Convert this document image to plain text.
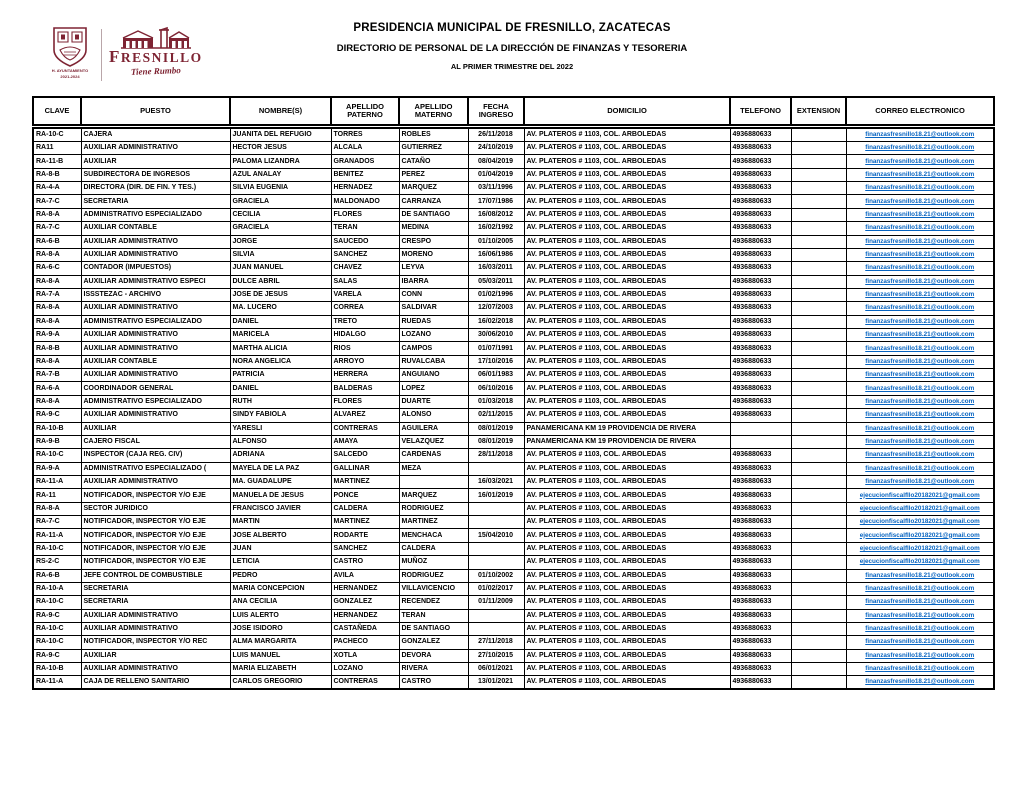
H. AYUNTAMIENTO
2021-2024
FRESNILLO
Tiene Rumbo
PRESIDENCIA MUNICIPAL DE FRESNILLO, ZACATECAS
DIRECTORIO DE PERSONAL DE LA DIRECCIÓN DE FINANZAS Y TESORERIA
AL PRIMER TRIMESTRE DEL 2022
CLAVE	PUESTO	NOMBRE(S)	APELLIDO PATERNO	APELLIDO MATERNO	FECHA INGRESO	DOMICILIO	TELEFONO	EXTENSION	CORREO ELECTRONICO
RA-10-C	CAJERA	JUANITA DEL REFUGIO	TORRES	ROBLES	26/11/2018	AV. PLATEROS # 1103, COL. ARBOLEDAS	4936880633		finanzasfresnillo18.21@outlook.com
RA11	AUXILIAR ADMINISTRATIVO	HECTOR JESUS	ALCALA	GUTIERREZ	24/10/2019	AV. PLATEROS # 1103, COL. ARBOLEDAS	4936880633		finanzasfresnillo18.21@outlook.com
RA-11-B	AUXILIAR	PALOMA LIZANDRA	GRANADOS	CATAÑO	08/04/2019	AV. PLATEROS # 1103, COL. ARBOLEDAS	4936880633		finanzasfresnillo18.21@outlook.com
RA-8-B	SUBDIRECTORA DE INGRESOS	AZUL ANALAY	BENITEZ	PEREZ	01/04/2019	AV. PLATEROS # 1103, COL. ARBOLEDAS	4936880633		finanzasfresnillo18.21@outlook.com
RA-4-A	DIRECTORA (DIR. DE FIN. Y TES.)	SILVIA EUGENIA	HERNADEZ	MARQUEZ	03/11/1996	AV. PLATEROS # 1103, COL. ARBOLEDAS	4936880633		finanzasfresnillo18.21@outlook.com
RA-7-C	SECRETARIA	GRACIELA	MALDONADO	CARRANZA	17/07/1986	AV. PLATEROS # 1103, COL. ARBOLEDAS	4936880633		finanzasfresnillo18.21@outlook.com
RA-8-A	ADMINISTRATIVO ESPECIALIZADO	CECILIA	FLORES	DE SANTIAGO	16/08/2012	AV. PLATEROS # 1103, COL. ARBOLEDAS	4936880633		finanzasfresnillo18.21@outlook.com
RA-7-C	AUXILIAR CONTABLE	GRACIELA	TERAN	MEDINA	16/02/1992	AV. PLATEROS # 1103, COL. ARBOLEDAS	4936880633		finanzasfresnillo18.21@outlook.com
RA-6-B	AUXILIAR ADMINISTRATIVO	JORGE	SAUCEDO	CRESPO	01/10/2005	AV. PLATEROS # 1103, COL. ARBOLEDAS	4936880633		finanzasfresnillo18.21@outlook.com
RA-8-A	AUXILIAR ADMINISTRATIVO	SILVIA	SANCHEZ	MORENO	16/06/1986	AV. PLATEROS # 1103, COL. ARBOLEDAS	4936880633		finanzasfresnillo18.21@outlook.com
RA-6-C	CONTADOR (IMPUESTOS)	JUAN MANUEL	CHAVEZ	LEYVA	16/03/2011	AV. PLATEROS # 1103, COL. ARBOLEDAS	4936880633		finanzasfresnillo18.21@outlook.com
RA-8-A	AUXILIAR ADMINISTRATIVO ESPECI	DULCE ABRIL	SALAS	IBARRA	05/03/2011	AV. PLATEROS # 1103, COL. ARBOLEDAS	4936880633		finanzasfresnillo18.21@outlook.com
RA-7-A	ISSSTEZAC - ARCHIVO	JOSE DE JESUS	VARELA	CONN	01/02/1996	AV. PLATEROS # 1103, COL. ARBOLEDAS	4936880633		finanzasfresnillo18.21@outlook.com
RA-8-A	AUXILIAR ADMINISTRATIVO	MA. LUCERO	CORREA	SALDIVAR	12/07/2003	AV. PLATEROS # 1103, COL. ARBOLEDAS	4936880633		finanzasfresnillo18.21@outlook.com
RA-8-A	ADMINISTRATIVO ESPECIALIZADO	DANIEL	TRETO	RUEDAS	16/02/2018	AV. PLATEROS # 1103, COL. ARBOLEDAS	4936880633		finanzasfresnillo18.21@outlook.com
RA-9-A	AUXILIAR ADMINISTRATIVO	MARICELA	HIDALGO	LOZANO	30/06/2010	AV. PLATEROS # 1103, COL. ARBOLEDAS	4936880633		finanzasfresnillo18.21@outlook.com
RA-8-B	AUXILIAR ADMINISTRATIVO	MARTHA ALICIA	RIOS	CAMPOS	01/07/1991	AV. PLATEROS # 1103, COL. ARBOLEDAS	4936880633		finanzasfresnillo18.21@outlook.com
RA-8-A	AUXILIAR CONTABLE	NORA ANGELICA	ARROYO	RUVALCABA	17/10/2016	AV. PLATEROS # 1103, COL. ARBOLEDAS	4936880633		finanzasfresnillo18.21@outlook.com
RA-7-B	AUXILIAR ADMINISTRATIVO	PATRICIA	HERRERA	ANGUIANO	06/01/1983	AV. PLATEROS # 1103, COL. ARBOLEDAS	4936880633		finanzasfresnillo18.21@outlook.com
RA-6-A	COORDINADOR GENERAL	DANIEL	BALDERAS	LOPEZ	06/10/2016	AV. PLATEROS # 1103, COL. ARBOLEDAS	4936880633		finanzasfresnillo18.21@outlook.com
RA-8-A	ADMINISTRATIVO ESPECIALIZADO	RUTH	FLORES	DUARTE	01/03/2018	AV. PLATEROS # 1103, COL. ARBOLEDAS	4936880633		finanzasfresnillo18.21@outlook.com
RA-9-C	AUXILIAR ADMINISTRATIVO	SINDY FABIOLA	ALVAREZ	ALONSO	02/11/2015	AV. PLATEROS # 1103, COL. ARBOLEDAS	4936880633		finanzasfresnillo18.21@outlook.com
RA-10-B	AUXILIAR	YARESLI	CONTRERAS	AGUILERA	08/01/2019	PANAMERICANA KM 19 PROVIDENCIA DE RIVERA			finanzasfresnillo18.21@outlook.com
RA-9-B	CAJERO FISCAL	ALFONSO	AMAYA	VELAZQUEZ	08/01/2019	PANAMERICANA KM 19 PROVIDENCIA DE RIVERA			finanzasfresnillo18.21@outlook.com
RA-10-C	INSPECTOR (CAJA REG. CIV)	ADRIANA	SALCEDO	CARDENAS	28/11/2018	AV. PLATEROS # 1103, COL. ARBOLEDAS	4936880633		finanzasfresnillo18.21@outlook.com
RA-9-A	ADMINISTRATIVO ESPECIALIZADO (	MAYELA DE LA PAZ	GALLINAR	MEZA		AV. PLATEROS # 1103, COL. ARBOLEDAS	4936880633		finanzasfresnillo18.21@outlook.com
RA-11-A	AUXILIAR ADMINISTRATIVO	MA. GUADALUPE	MARTINEZ		16/03/2021	AV. PLATEROS # 1103, COL. ARBOLEDAS	4936880633		finanzasfresnillo18.21@outlook.com
RA-11	NOTIFICADOR, INSPECTOR Y/O EJE	MANUELA DE JESUS	PONCE	MARQUEZ	16/01/2019	AV. PLATEROS # 1103, COL. ARBOLEDAS	4936880633		ejecucionfiscalfllo20182021@gmail.com
RA-8-A	SECTOR JURIDICO	FRANCISCO JAVIER	CALDERA	RODRIGUEZ		AV. PLATEROS # 1103, COL. ARBOLEDAS	4936880633		ejecucionfiscalfllo20182021@gmail.com
RA-7-C	NOTIFICADOR, INSPECTOR Y/O EJE	MARTIN	MARTINEZ	MARTINEZ		AV. PLATEROS # 1103, COL. ARBOLEDAS	4936880633		ejecucionfiscalfllo20182021@gmail.com
RA-11-A	NOTIFICADOR, INSPECTOR Y/O EJE	JOSE ALBERTO	RODARTE	MENCHACA	15/04/2010	AV. PLATEROS # 1103, COL. ARBOLEDAS	4936880633		ejecucionfiscalfllo20182021@gmail.com
RA-10-C	NOTIFICADOR, INSPECTOR Y/O EJE	JUAN	SANCHEZ	CALDERA		AV. PLATEROS # 1103, COL. ARBOLEDAS	4936880633		ejecucionfiscalfllo20182021@gmail.com
RS-2-C	NOTIFICADOR, INSPECTOR Y/O EJE	LETICIA	CASTRO	MUÑOZ		AV. PLATEROS # 1103, COL. ARBOLEDAS	4936880633		ejecucionfiscalfllo20182021@gmail.com
RA-6-B	JEFE CONTROL DE COMBUSTIBLE	PEDRO	AVILA	RODRIGUEZ	01/10/2002	AV. PLATEROS # 1103, COL. ARBOLEDAS	4936880633		finanzasfresnillo18.21@outlook.com
RA-10-A	SECRETARIA	MARIA CONCEPCION	HERNANDEZ	VILLAVICENCIO	01/02/2017	AV. PLATEROS # 1103, COL. ARBOLEDAS	4936880633		finanzasfresnillo18.21@outlook.com
RA-10-C	SECRETARIA	ANA CECILIA	GONZALEZ	RECENDEZ	01/11/2009	AV. PLATEROS # 1103, COL. ARBOLEDAS	4936880633		finanzasfresnillo18.21@outlook.com
RA-9-C	AUXILIAR ADMINISTRATIVO	LUIS ALERTO	HERNANDEZ	TERAN		AV. PLATEROS # 1103, COL. ARBOLEDAS	4936880633		finanzasfresnillo18.21@outlook.com
RA-10-C	AUXILIAR ADMINISTRATIVO	JOSE ISIDORO	CASTAÑEDA	DE SANTIAGO		AV. PLATEROS # 1103, COL. ARBOLEDAS	4936880633		finanzasfresnillo18.21@outlook.com
RA-10-C	NOTIFICADOR, INSPECTOR Y/O REC	ALMA MARGARITA	PACHECO	GONZALEZ	27/11/2018	AV. PLATEROS # 1103, COL. ARBOLEDAS	4936880633		finanzasfresnillo18.21@outlook.com
RA-9-C	AUXILIAR	LUIS MANUEL	XOTLA	DEVORA	27/10/2015	AV. PLATEROS # 1103, COL. ARBOLEDAS	4936880633		finanzasfresnillo18.21@outlook.com
RA-10-B	AUXILIAR ADMINISTRATIVO	MARIA ELIZABETH	LOZANO	RIVERA	06/01/2021	AV. PLATEROS # 1103, COL. ARBOLEDAS	4936880633		finanzasfresnillo18.21@outlook.com
RA-11-A	CAJA DE RELLENO SANITARIO	CARLOS GREGORIO	CONTRERAS	CASTRO	13/01/2021	AV. PLATEROS # 1103, COL. ARBOLEDAS	4936880633		finanzasfresnillo18.21@outlook.com
